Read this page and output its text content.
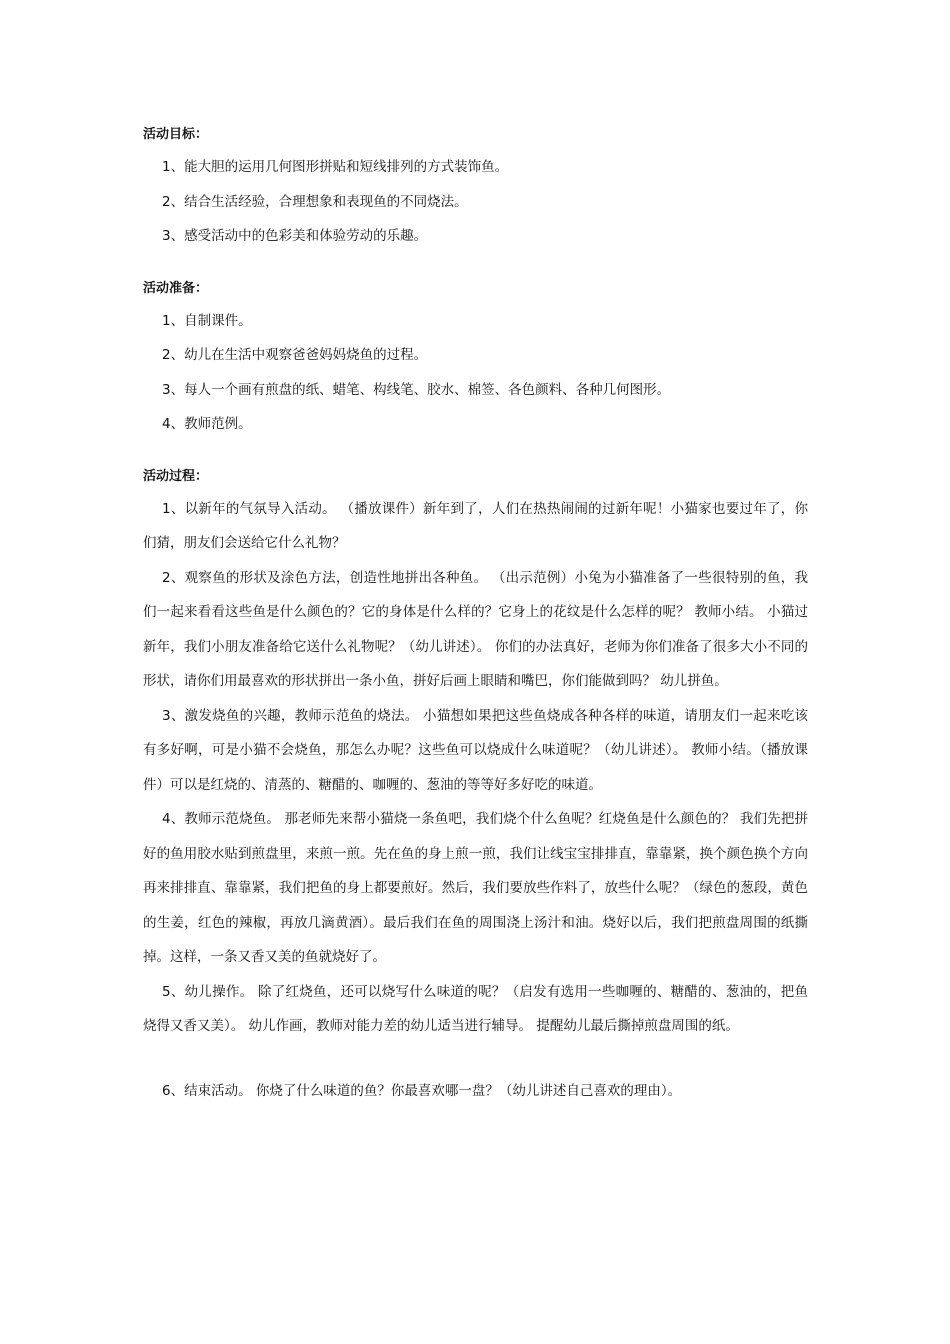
活动目标：

1、能大胆的运用几何图形拼贴和短线排列的方式装饰鱼。

2、结合生活经验，合理想象和表现鱼的不同烧法。

3、感受活动中的色彩美和体验劳动的乐趣。

活动准备：

1、自制课件。

2、幼儿在生活中观察爸爸妈妈烧鱼的过程。

3、每人一个画有煎盘的纸、蜡笔、构线笔、胶水、棉签、各色颜料、各种几何图形。

4、教师范例。

活动过程：

1、以新年的气氛导入活动。 （播放课件）新年到了，人们在热热闹闹的过新年呢！小猫家也要过年了，你们猜，朋友们会送给它什么礼物？

2、观察鱼的形状及涂色方法，创造性地拼出各种鱼。 （出示范例）小兔为小猫准备了一些很特别的鱼，我们一起来看看这些鱼是什么颜色的？它的身体是什么样的？它身上的花纹是什么怎样的呢？ 教师小结。 小猫过新年，我们小朋友准备给它送什么礼物呢？（幼儿讲述）。 你们的办法真好，老师为你们准备了很多大小不同的形状，请你们用最喜欢的形状拼出一条小鱼，拼好后画上眼睛和嘴巴，你们能做到吗？ 幼儿拼鱼。

3、激发烧鱼的兴趣，教师示范鱼的烧法。 小猫想如果把这些鱼烧成各种各样的味道，请朋友们一起来吃该有多好啊，可是小猫不会烧鱼，那怎么办呢？这些鱼可以烧成什么味道呢？（幼儿讲述）。 教师小结。（播放课件）可以是红烧的、清蒸的、糖醋的、咖喱的、葱油的等等好多好吃的味道。

4、教师示范烧鱼。 那老师先来帮小猫烧一条鱼吧，我们烧个什么鱼呢？红烧鱼是什么颜色的？ 我们先把拼好的鱼用胶水贴到煎盘里，来煎一煎。先在鱼的身上煎一煎，我们让线宝宝排排直，靠靠紧，换个颜色换个方向再来排排直、靠靠紧，我们把鱼的身上都要煎好。然后，我们要放些作料了，放些什么呢？（绿色的葱段，黄色的生姜，红色的辣椒，再放几滴黄酒）。最后我们在鱼的周围浇上汤汁和油。烧好以后，我们把煎盘周围的纸撕掉。这样，一条又香又美的鱼就烧好了。

5、幼儿操作。 除了红烧鱼，还可以烧写什么味道的呢？（启发有选用一些咖喱的、糖醋的、葱油的，把鱼烧得又香又美）。 幼儿作画，教师对能力差的幼儿适当进行辅导。 提醒幼儿最后撕掉煎盘周围的纸。

6、结束活动。 你烧了什么味道的鱼？你最喜欢哪一盘？（幼儿讲述自己喜欢的理由）。
